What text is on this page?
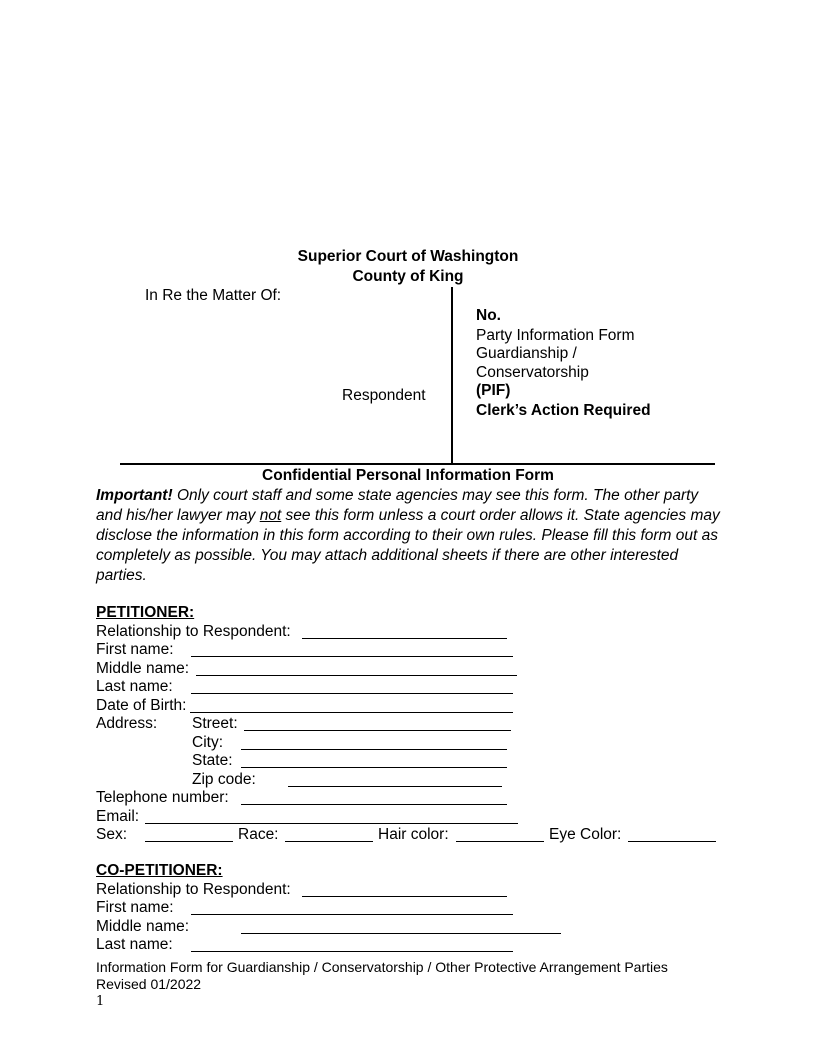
Superior Court of Washington
County of King
In Re the Matter Of:
No.
Party Information Form
Guardianship /
Conservatorship
(PIF)
Respondent
Clerk’s Action Required
Confidential Personal Information Form
Important! Only court staff and some state agencies may see this form. The other party and his/her lawyer may not see this form unless a court order allows it. State agencies may disclose the information in this form according to their own rules. Please fill this form out as completely as possible. You may attach additional sheets if there are other interested parties.
PETITIONER:
Relationship to Respondent:
First name:
Middle name:
Last name:
Date of Birth:
Address: Street:
City:
State:
Zip code:
Telephone number:
Email:
Sex:	Race:	Hair color:	Eye Color:
CO-PETITIONER:
Relationship to Respondent:
First name:
Middle name:
Last name:
Information Form for Guardianship / Conservatorship / Other Protective Arrangement Parties
Revised 01/2022
1
